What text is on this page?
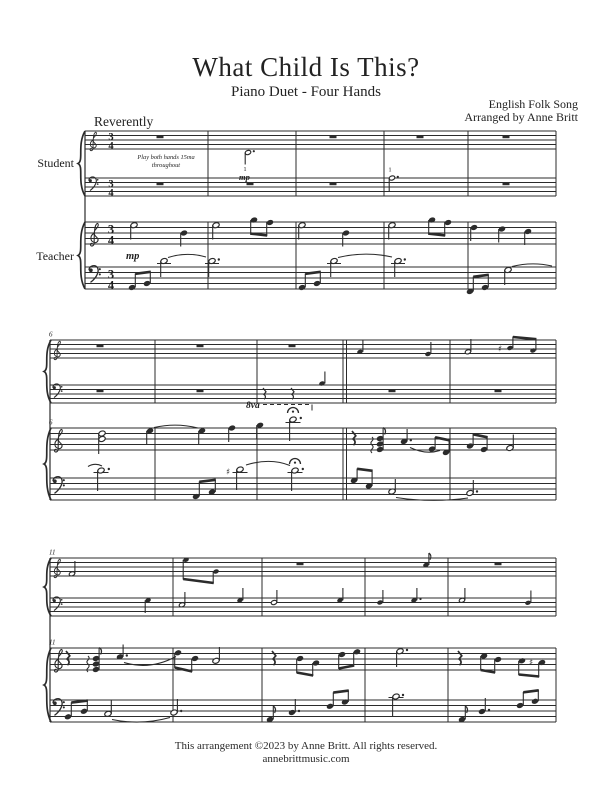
What Child Is This?
Piano Duet - Four Hands
English Folk Song
Arranged by Anne Britt
Reverently
Student
Teacher
3
4
3
4
3
4
3
4
Play both hands 15ma
throughout
1
mp
1
mp
6
♯
6
8va
♯
11
11
♯
This arrangement ©2023 by Anne Britt. All rights reserved.
annebrittmusic.com
